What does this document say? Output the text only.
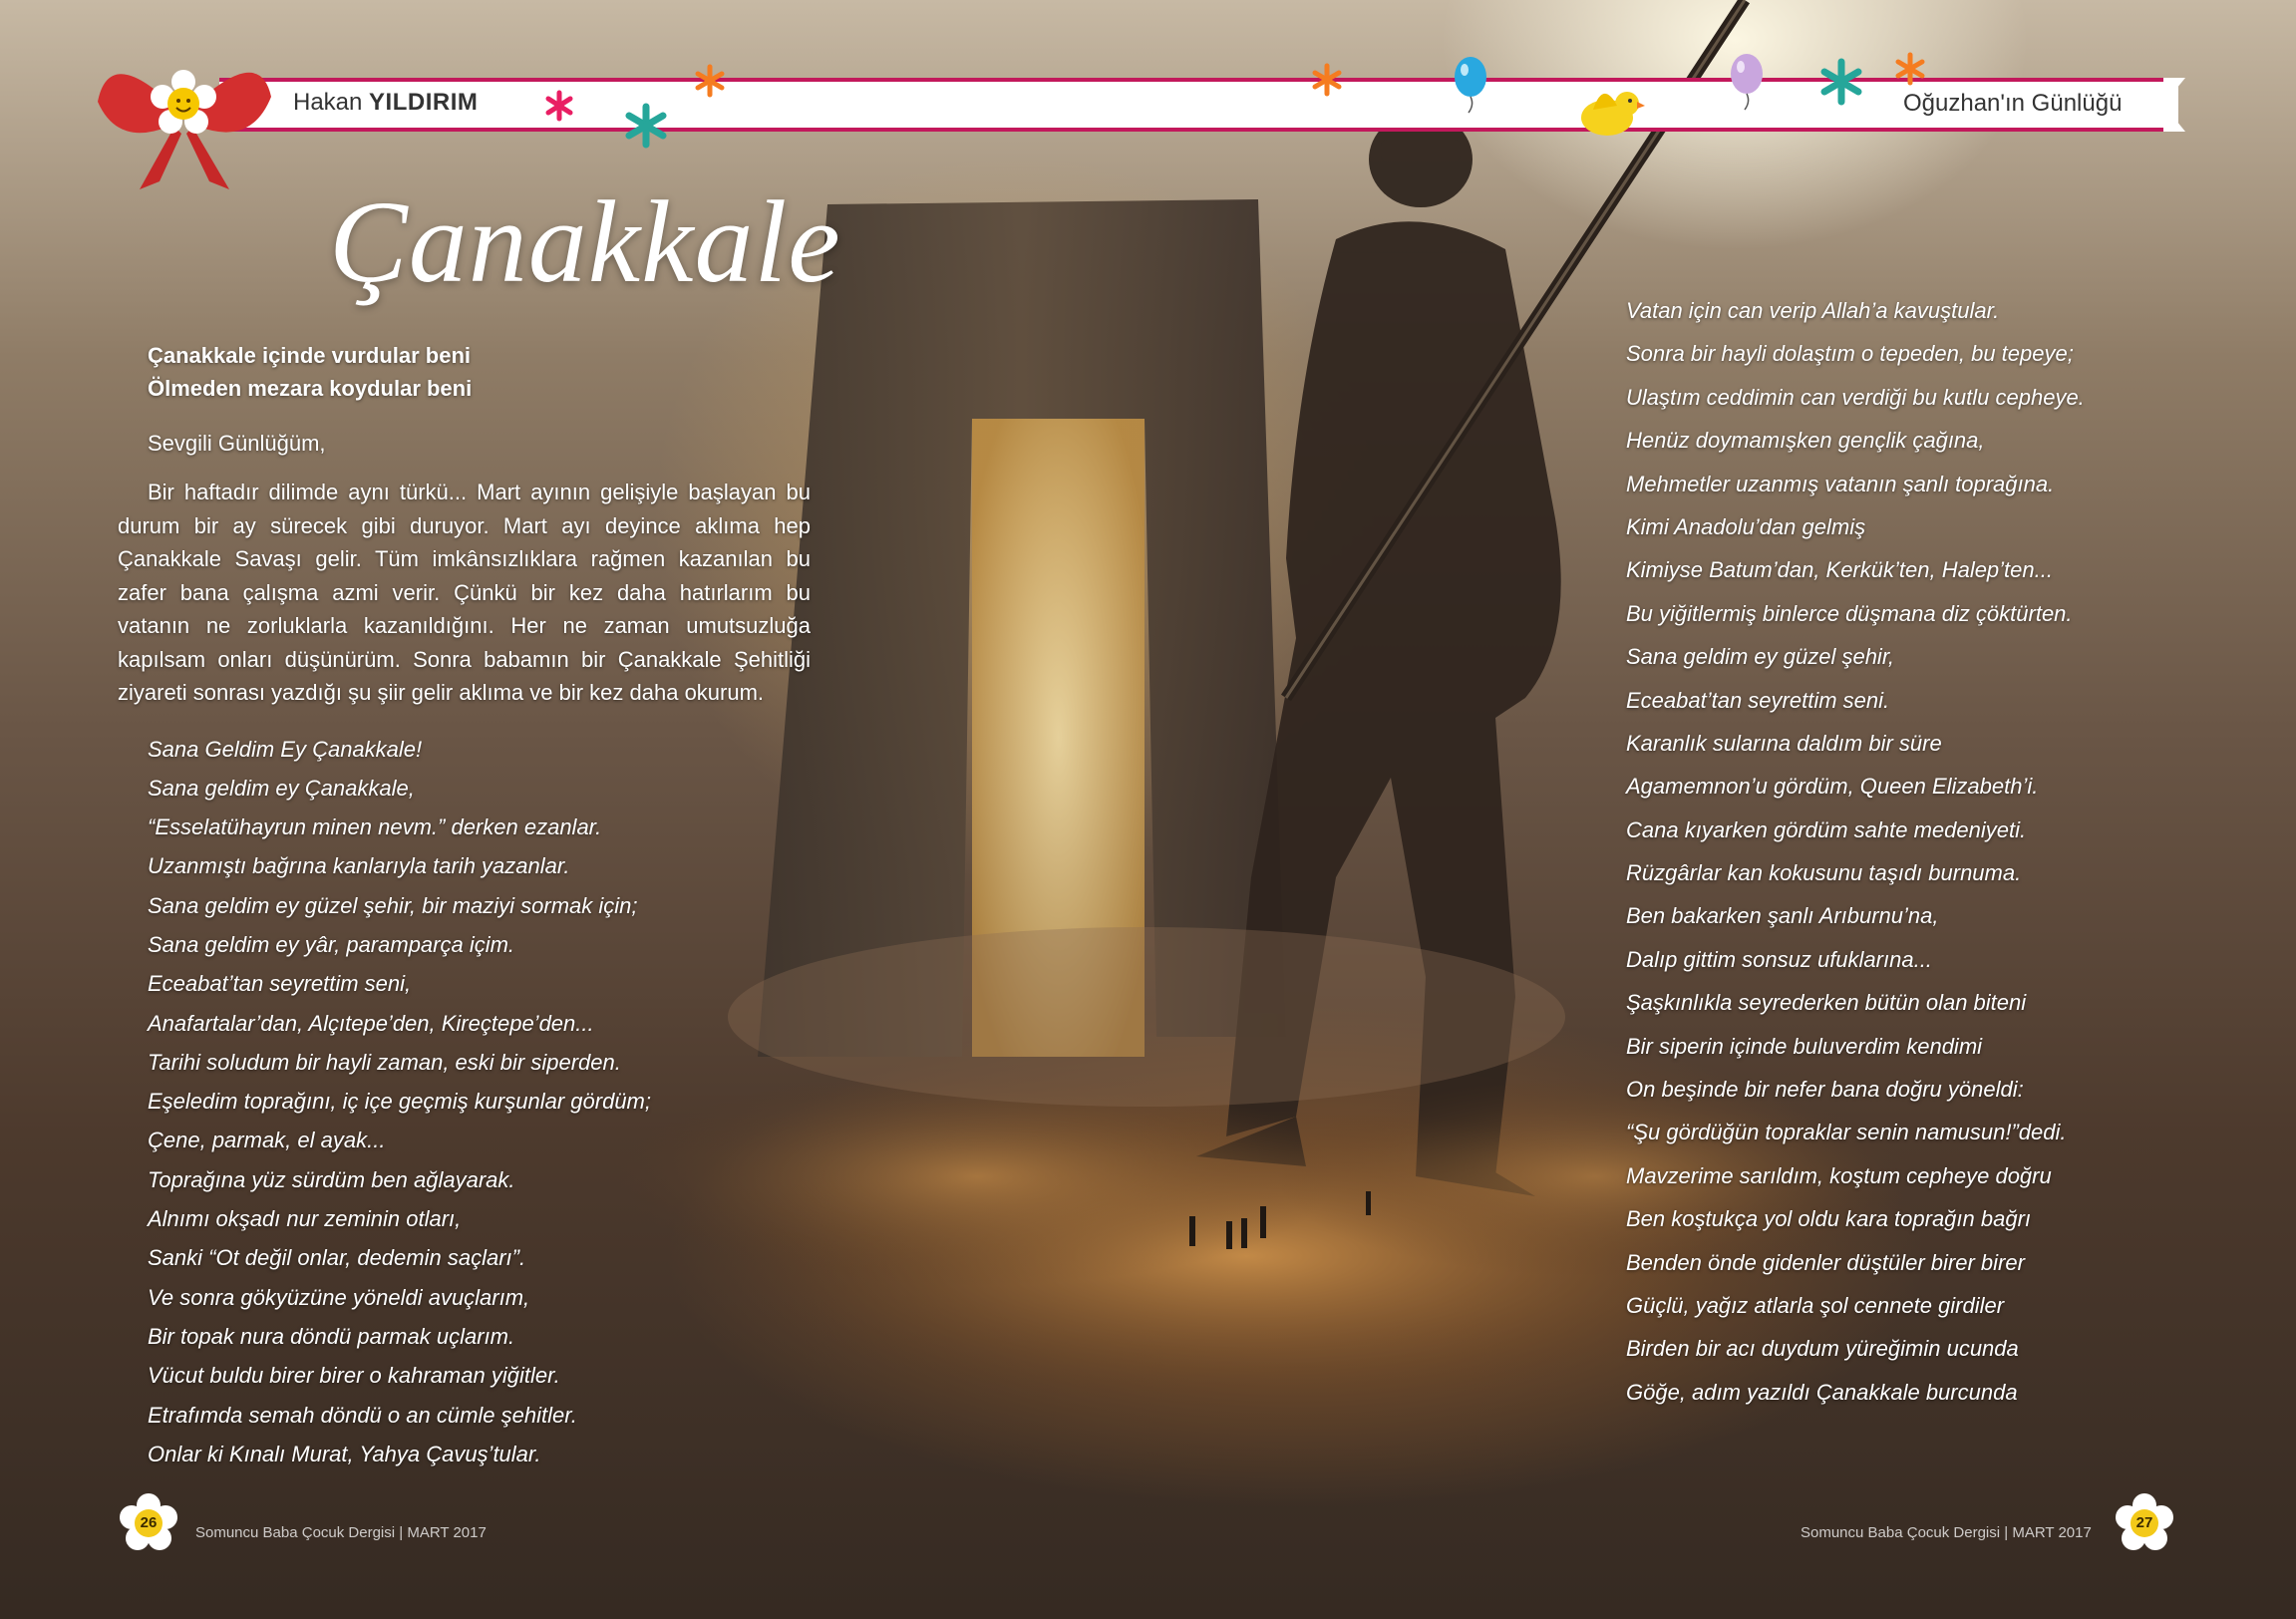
Hakan YILDIRIM	Oğuzhan'ın Günlüğü
Çanakkale
Çanakkale içinde vurdular beni
Ölmeden mezara koydular beni
Sevgili Günlüğüm,
Bir haftadır dilimde aynı türkü... Mart ayının gelişiyle başlayan bu durum bir ay sürecek gibi duruyor. Mart ayı deyince aklıma hep Çanakkale Savaşı gelir. Tüm imkânsızlıklara rağmen kazanılan bu zafer bana çalışma azmi verir. Çünkü bir kez daha hatırlarım bu vatanın ne zorluklarla kazanıldığını. Her ne zaman umutsuzluğa kapılsam onları düşünürüm. Sonra babamın bir Çanakkale Şehitliği ziyareti sonrası yazdığı şu şiir gelir aklıma ve bir kez daha okurum.
Sana Geldim Ey Çanakkale!
Sana geldim ey Çanakkale,
“Esselatühayrun minen nevm.” derken ezanlar.
Uzanmıştı bağrına kanlarıyla tarih yazanlar.
Sana geldim ey güzel şehir, bir maziyi sormak için;
Sana geldim ey yâr, paramparça içim.
Eceabat’tan seyrettim seni,
Anafartalar’dan, Alçıtepe’den, Kireçtepe’den...
Tarihi soludum bir hayli zaman, eski bir siperden.
Eşeledim toprağını, iç içe geçmiş kurşunlar gördüm;
Çene, parmak, el ayak...
Toprağına yüz sürdüm ben ağlayarak.
Alnımı okşadı nur zeminin otları,
Sanki “Ot değil onlar, dedemin saçları”.
Ve sonra gökyüzüne yöneldi avuçlarım,
Bir topak nura döndü parmak uçlarım.
Vücut buldu birer birer o kahraman yiğitler.
Etrafımda semah döndü o an cümle şehitler.
Onlar ki Kınalı Murat, Yahya Çavuş’tular.
Vatan için can verip Allah’a kavuştular.
Sonra bir hayli dolaştım o tepeden, bu tepeye;
Ulaştım ceddimin can verdiği bu kutlu cepheye.
Henüz doymamışken gençlik çağına,
Mehmetler uzanmış vatanın şanlı toprağına.
Kimi Anadolu’dan gelmiş
Kimiyse Batum’dan, Kerkük’ten, Halep’ten...
Bu yiğitlermiş binlerce düşmana diz çöktürten.
Sana geldim ey güzel şehir,
Eceabat’tan seyrettim seni.
Karanlık sularına daldım bir süre
Agamemnon’u gördüm, Queen Elizabeth’i.
Cana kıyarken gördüm sahte medeniyeti.
Rüzgârlar kan kokusunu taşıdı burnuma.
Ben bakarken şanlı Arıburnu’na,
Dalıp gittim sonsuz ufuklarına...
Şaşkınlıkla seyrederken bütün olan biteni
Bir siperin içinde buluverdim kendimi
On beşinde bir nefer bana doğru yöneldi:
“Şu gördüğün topraklar senin namusun!”dedi.
Mavzerime sarıldım, koştum cepheye doğru
Ben koştukça yol oldu kara toprağın bağrı
Benden önde gidenler düştüler birer birer
Güçlü, yağız atlarla şol cennete girdiler
Birden bir acı duydum yüreğimin ucunda
Göğe, adım yazıldı Çanakkale burcunda
26
Somuncu Baba Çocuk Dergisi | MART 2017	Somuncu Baba Çocuk Dergisi | MART 2017
27
